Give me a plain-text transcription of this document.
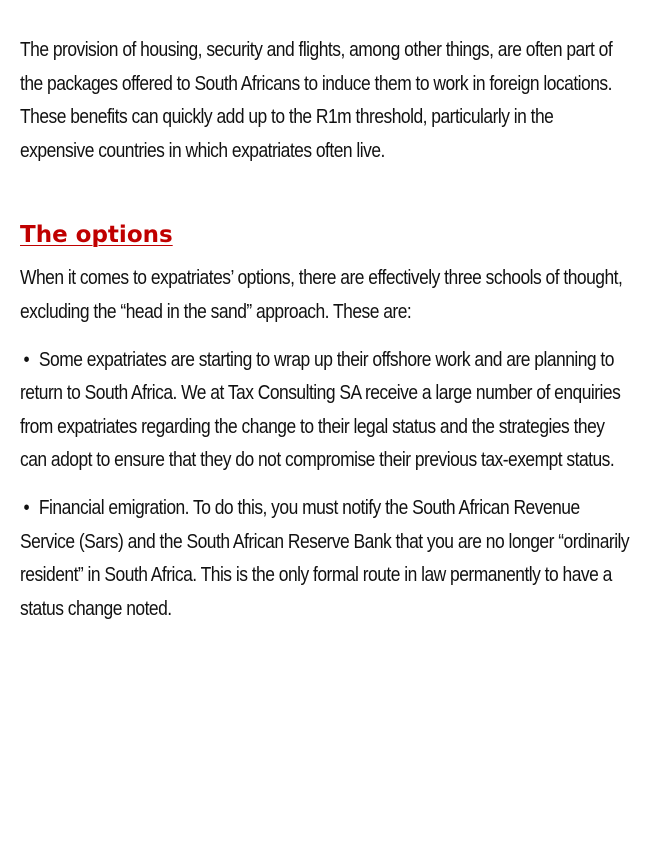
The provision of housing, security and flights, among other things, are often part of the packages offered to South Africans to induce them to work in foreign locations. These benefits can quickly add up to the R1m threshold, particularly in the expensive countries in which expatriates often live.

The options

When it comes to expatriates’ options, there are effectively three schools of thought, excluding the “head in the sand” approach. These are:

• Some expatriates are starting to wrap up their offshore work and are planning to return to South Africa. We at Tax Consulting SA receive a large number of enquiries from expatriates regarding the change to their legal status and the strategies they can adopt to ensure that they do not compromise their previous tax-exempt status.

• Financial emigration. To do this, you must notify the South African Revenue Service (Sars) and the South African Reserve Bank that you are no longer “ordinarily resident” in South Africa. This is the only formal route in law permanently to have a status change noted.
